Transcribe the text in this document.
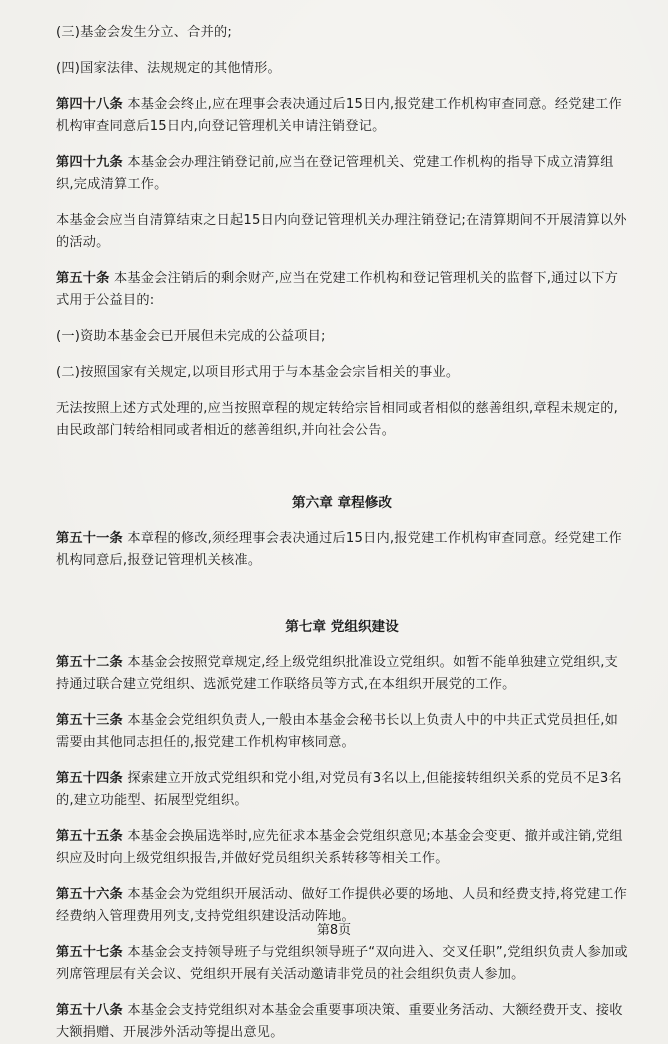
(三)基金会发生分立、合并的;

(四)国家法律、法规规定的其他情形。

第四十八条 本基金会终止,应在理事会表决通过后15日内,报党建工作机构审查同意。经党建工作机构审查同意后15日内,向登记管理机关申请注销登记。

第四十九条 本基金会办理注销登记前,应当在登记管理机关、党建工作机构的指导下成立清算组织,完成清算工作。

本基金会应当自清算结束之日起15日内向登记管理机关办理注销登记;在清算期间不开展清算以外的活动。

第五十条 本基金会注销后的剩余财产,应当在党建工作机构和登记管理机关的监督下,通过以下方式用于公益目的:

(一)资助本基金会已开展但未完成的公益项目;

(二)按照国家有关规定,以项目形式用于与本基金会宗旨相关的事业。

无法按照上述方式处理的,应当按照章程的规定转给宗旨相同或者相似的慈善组织,章程未规定的,由民政部门转给相同或者相近的慈善组织,并向社会公告。

第六章 章程修改

第五十一条 本章程的修改,须经理事会表决通过后15日内,报党建工作机构审查同意。经党建工作机构同意后,报登记管理机关核准。

第七章 党组织建设

第五十二条 本基金会按照党章规定,经上级党组织批准设立党组织。如暂不能单独建立党组织,支持通过联合建立党组织、选派党建工作联络员等方式,在本组织开展党的工作。

第五十三条 本基金会党组织负责人,一般由本基金会秘书长以上负责人中的中共正式党员担任,如需要由其他同志担任的,报党建工作机构审核同意。

第五十四条 探索建立开放式党组织和党小组,对党员有3名以上,但能接转组织关系的党员不足3名的,建立功能型、拓展型党组织。

第五十五条 本基金会换届选举时,应先征求本基金会党组织意见;本基金会变更、撤并或注销,党组织应及时向上级党组织报告,并做好党员组织关系转移等相关工作。

第五十六条 本基金会为党组织开展活动、做好工作提供必要的场地、人员和经费支持,将党建工作经费纳入管理费用列支,支持党组织建设活动阵地。

第五十七条 本基金会支持领导班子与党组织领导班子“双向进入、交叉任职”,党组织负责人参加或列席管理层有关会议、党组织开展有关活动邀请非党员的社会组织负责人参加。

第五十八条 本基金会支持党组织对本基金会重要事项决策、重要业务活动、大额经费开支、接收大额捐赠、开展涉外活动等提出意见。

第8页
